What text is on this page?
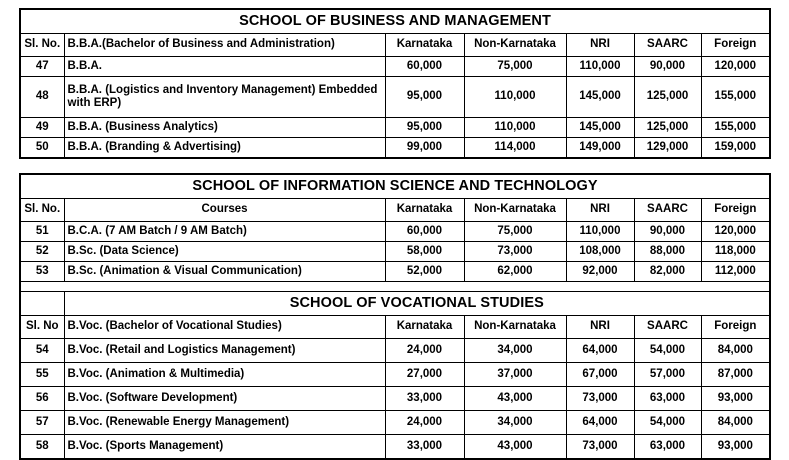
SCHOOL OF BUSINESS AND MANAGEMENT						
Sl. No.	B.B.A.(Bachelor of Business and Administration)	Karnataka	Non-Karnataka	NRI	SAARC	Foreign
47	B.B.A.	60,000	75,000	110,000	90,000	120,000
48	B.B.A. (Logistics and Inventory Management) Embedded with ERP)	95,000	110,000	145,000	125,000	155,000
49	B.B.A. (Business Analytics)	95,000	110,000	145,000	125,000	155,000
50	B.B.A. (Branding & Advertising)	99,000	114,000	149,000	129,000	159,000
SCHOOL OF INFORMATION SCIENCE AND TECHNOLOGY						
Sl. No.	Courses	Karnataka	Non-Karnataka	NRI	SAARC	Foreign
51	B.C.A. (7 AM Batch / 9 AM Batch)	60,000	75,000	110,000	90,000	120,000
52	B.Sc. (Data Science)	58,000	73,000	108,000	88,000	118,000
53	B.Sc. (Animation & Visual Communication)	52,000	62,000	92,000	82,000	112,000

	SCHOOL OF VOCATIONAL STUDIES					
Sl. No	B.Voc. (Bachelor of Vocational Studies)	Karnataka	Non-Karnataka	NRI	SAARC	Foreign
54	B.Voc. (Retail and Logistics Management)	24,000	34,000	64,000	54,000	84,000
55	B.Voc. (Animation & Multimedia)	27,000	37,000	67,000	57,000	87,000
56	B.Voc. (Software Development)	33,000	43,000	73,000	63,000	93,000
57	B.Voc. (Renewable Energy Management)	24,000	34,000	64,000	54,000	84,000
58	B.Voc. (Sports Management)	33,000	43,000	73,000	63,000	93,000
